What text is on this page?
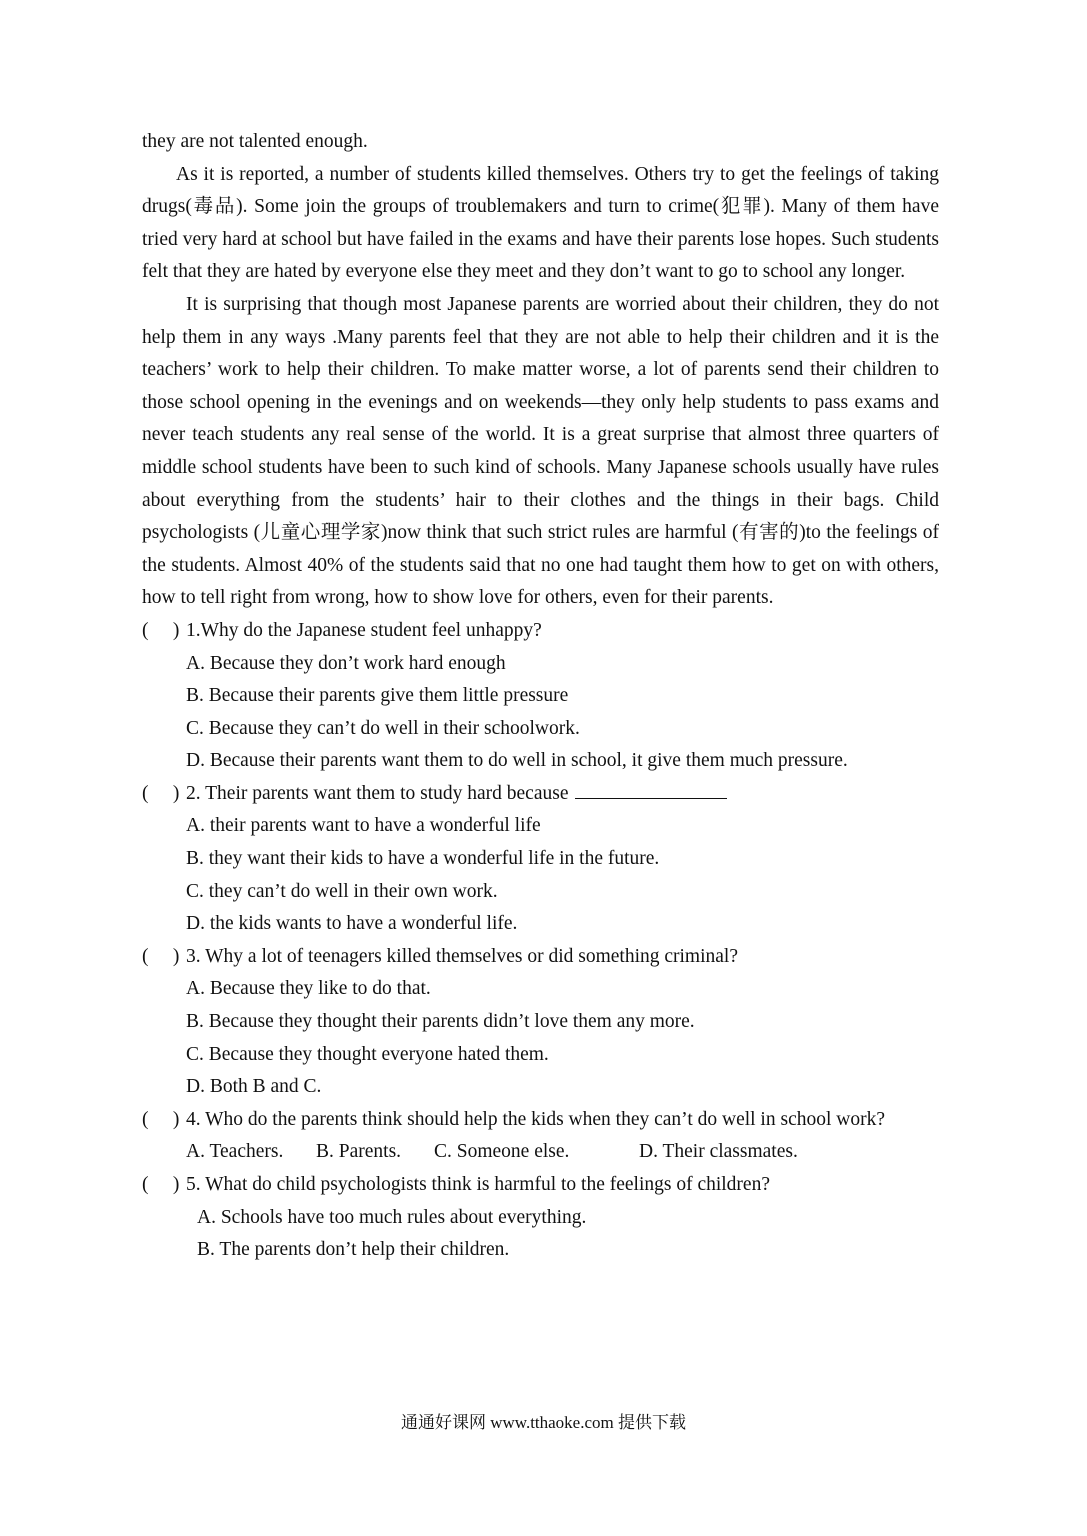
they are not talented enough.
As it is reported, a number of students killed themselves. Others try to get the feelings of taking drugs(毒品). Some join the groups of troublemakers and turn to crime(犯罪). Many of them have tried very hard at school but have failed in the exams and have their parents lose hopes. Such students felt that they are hated by everyone else they meet and they don’t want to go to school any longer.
It is surprising that though most Japanese parents are worried about their children, they do not help them in any ways .Many parents feel that they are not able to help their children and it is the teachers’ work to help their children. To make matter worse, a lot of parents send their children to those school opening in the evenings and on weekends—they only help students to pass exams and never teach students any real sense of the world. It is a great surprise that almost three quarters of middle school students have been to such kind of schools. Many Japanese schools usually have rules about everything from the students’ hair to their clothes and the things in their bags. Child psychologists (儿童心理学家)now think that such strict rules are harmful (有害的)to the feelings of the students. Almost 40% of the students said that no one had taught them how to get on with others, how to tell right from wrong, how to show love for others, even for their parents.
(     ) 1.Why do the Japanese student feel unhappy?
A. Because they don’t work hard enough
B. Because their parents give them little pressure
C. Because they can’t do well in their schoolwork.
D. Because their parents want them to do well in school, it give them much pressure.
(     ) 2. Their parents want them to study hard because
A. their parents want to have a wonderful life
B. they want their kids to have a wonderful life in the future.
C. they can’t do well in their own work.
D. the kids wants to have a wonderful life.
(     ) 3. Why a lot of teenagers killed themselves or did something criminal?
A. Because they like to do that.
B. Because they thought their parents didn’t love them any more.
C. Because they thought everyone hated them.
D. Both B and C.
(     ) 4. Who do the parents think should help the kids when they can’t do well in school work?
A. Teachers. B. Parents. C. Someone else.	D. Their classmates.
(     ) 5. What do child psychologists think is harmful to the feelings of children?
A. Schools have too much rules about everything.
B. The parents don’t help their children.
通通好课网 www.tthaoke.com 提供下载
